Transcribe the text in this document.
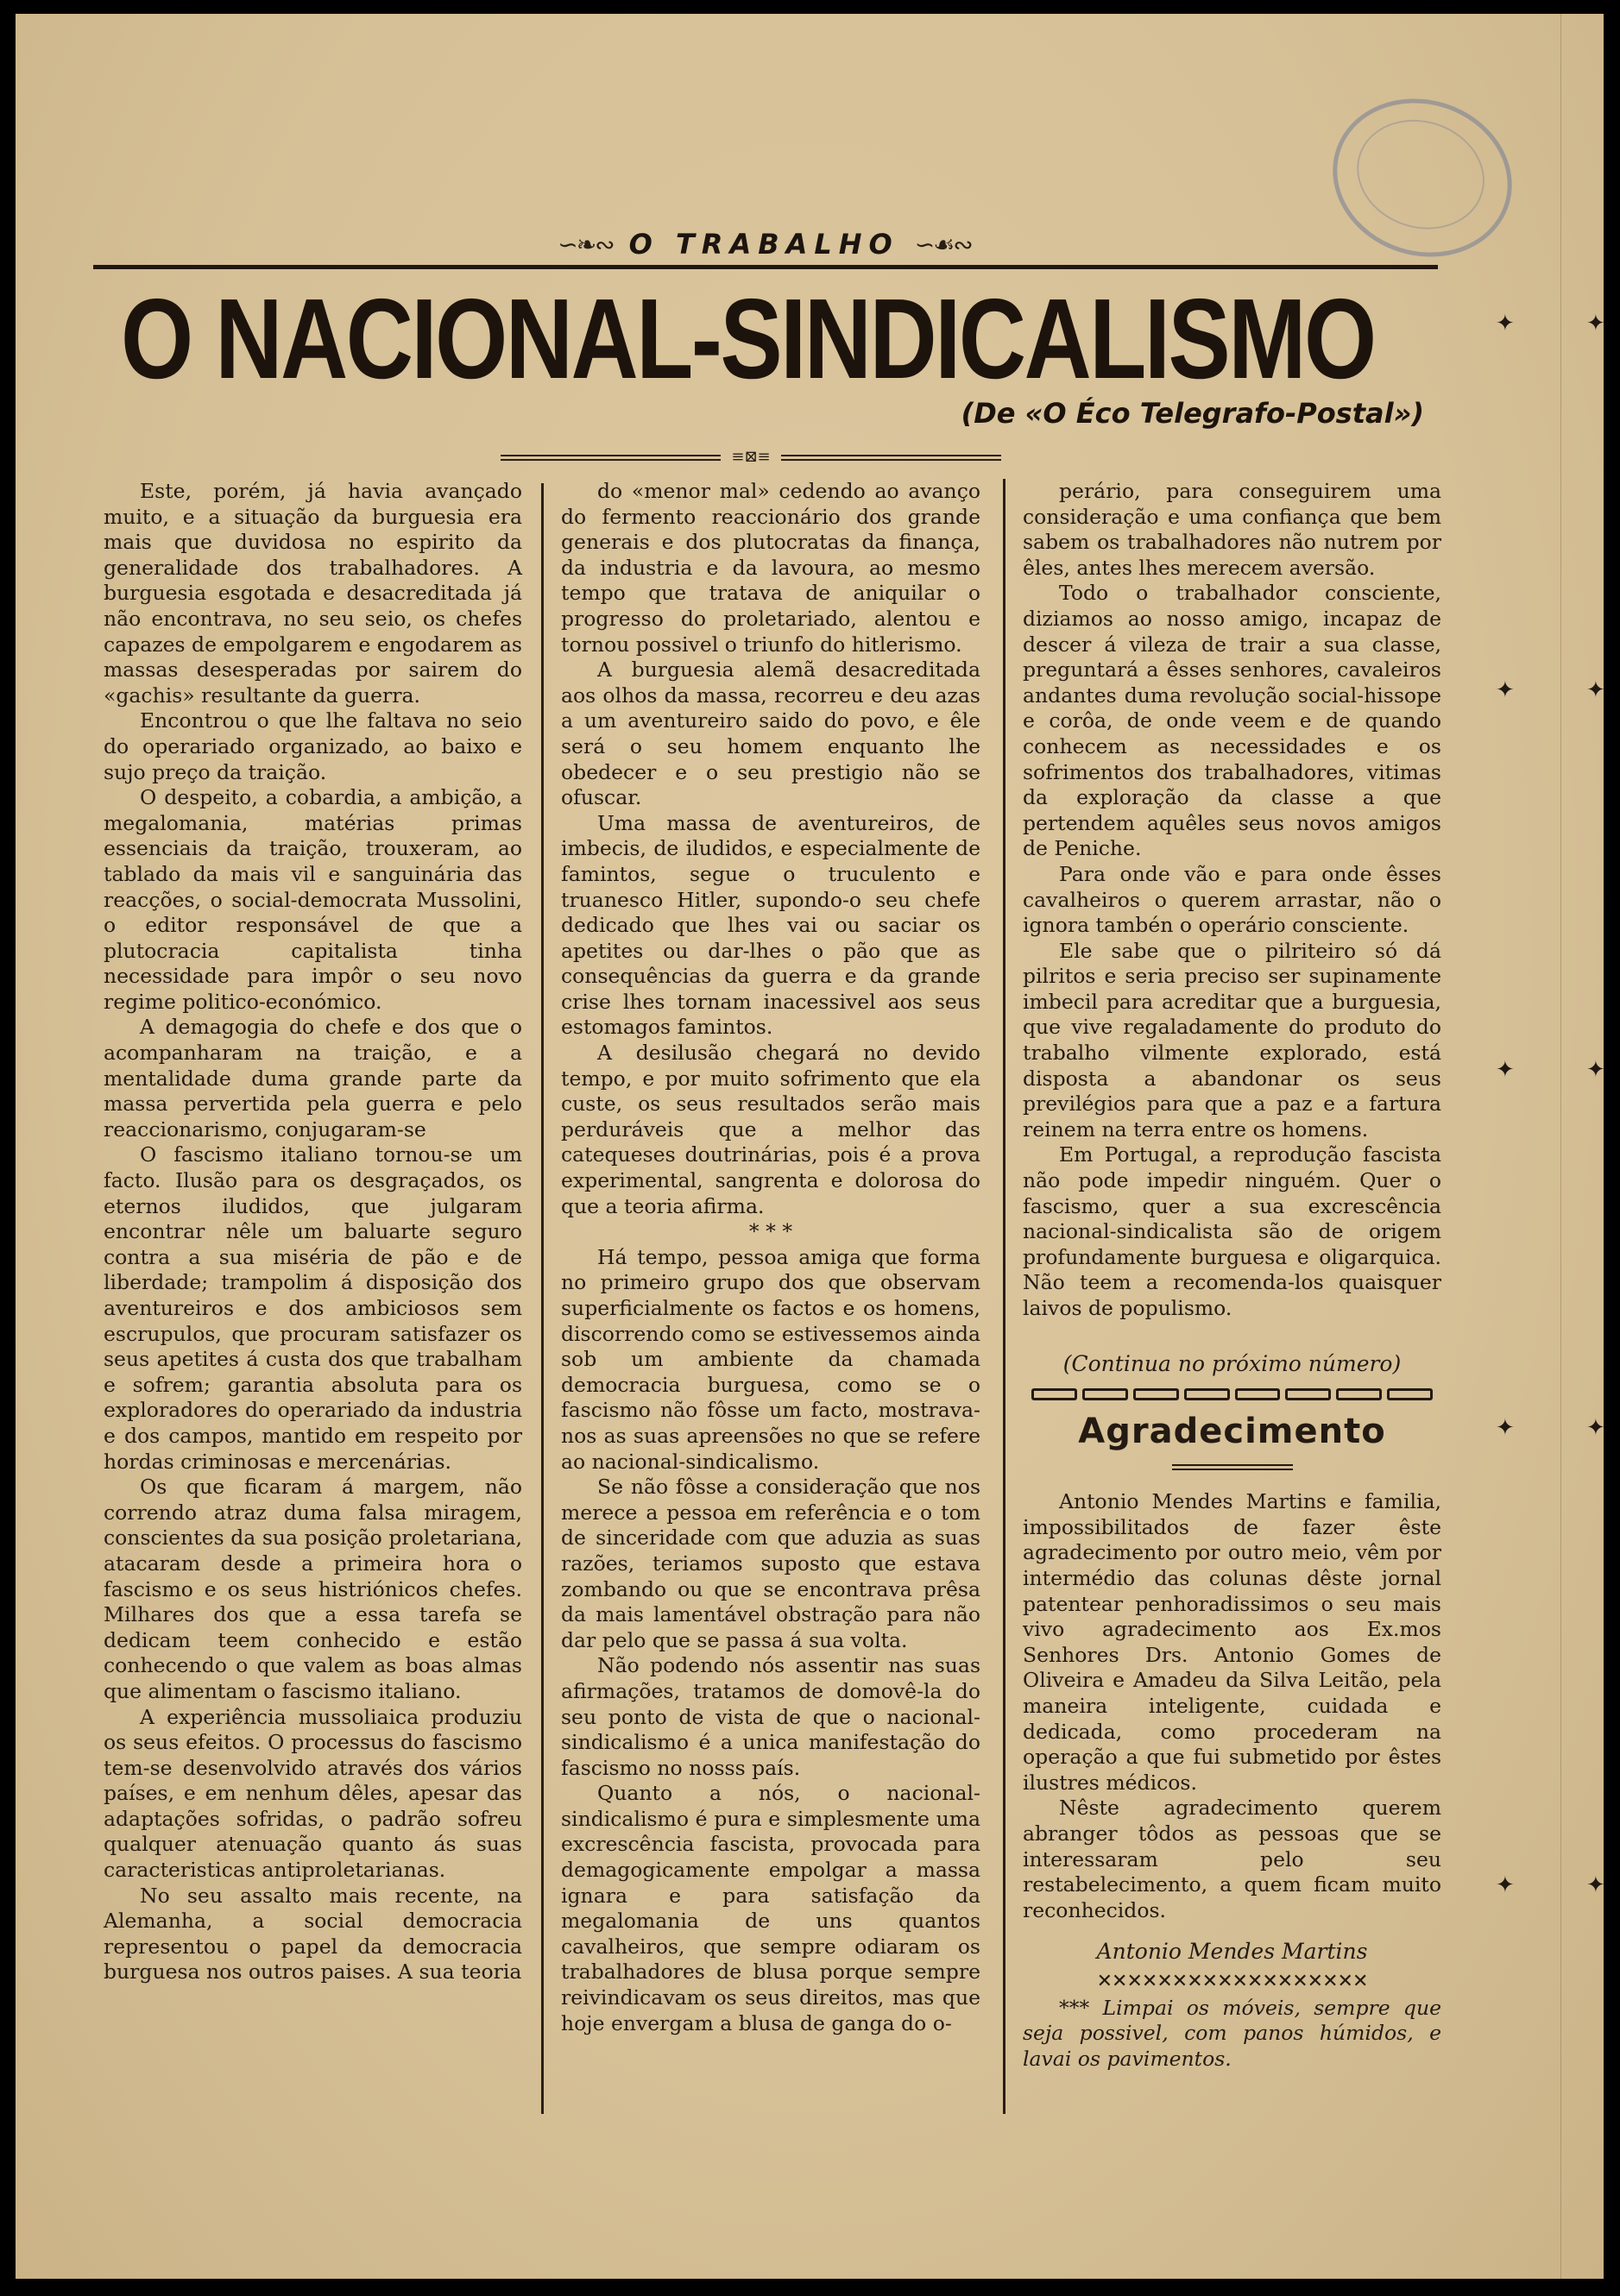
✦	✦
✦	✦
✦	✦
✦	✦
✦	✦
∽❧∾ O TRABALHO ∽☙∾
O NACIONAL-SINDICALISMO
(De «O Éco Telegrafo-Postal»)
≡⊠≡

Este, porém, já havia avançado muito, e a situação da burguesia era mais que duvidosa no espirito da generalidade dos trabalhadores. A burguesia esgotada e desacreditada já não encontrava, no seu seio, os chefes capazes de empolgarem e engodarem as massas desesperadas por sairem do «gachis» resultante da guerra.

Encontrou o que lhe faltava no seio do operariado organizado, ao baixo e sujo preço da traição.

O despeito, a cobardia, a ambição, a megalomania, matérias primas essenciais da traição, trouxeram, ao tablado da mais vil e sanguinária das reacções, o social-democrata Mussolini, o editor responsável de que a plutocracia capitalista tinha necessidade para impôr o seu novo regime politico-económico.

A demagogia do chefe e dos que o acompanharam na traição, e a mentalidade duma grande parte da massa pervertida pela guerra e pelo reaccionarismo, conjugaram-se

O fascismo italiano tornou-se um facto. Ilusão para os desgraçados, os eternos iludidos, que julgaram encontrar nêle um baluarte seguro contra a sua miséria de pão e de liberdade; trampolim á disposição dos aventureiros e dos ambiciosos sem escrupulos, que procuram satisfazer os seus apetites á custa dos que trabalham e sofrem; garantia absoluta para os exploradores do operariado da industria e dos campos, mantido em respeito por hordas criminosas e mercenárias.

Os que ficaram á margem, não correndo atraz duma falsa miragem, conscientes da sua posição proletariana, atacaram desde a primeira hora o fascismo e os seus histriónicos chefes. Milhares dos que a essa tarefa se dedicam teem conhecido e estão conhecendo o que valem as boas almas que alimentam o fascismo italiano.

A experiência mussoliaica produziu os seus efeitos. O processus do fascismo tem-se desenvolvido através dos vários países, e em nenhum dêles, apesar das adaptações sofridas, o padrão sofreu qualquer atenuação quanto ás suas caracteristicas antiproletarianas.

No seu assalto mais recente, na Alemanha, a social democracia representou o papel da democracia burguesa nos outros paises. A sua teoria

do «menor mal» cedendo ao avanço do fermento reaccionário dos grande generais e dos plutocratas da finança, da industria e da lavoura, ao mesmo tempo que tratava de aniquilar o progresso do proletariado, alentou e tornou possivel o triunfo do hitlerismo.

A burguesia alemã desacreditada aos olhos da massa, recorreu e deu azas a um aventureiro saido do povo, e êle será o seu homem enquanto lhe obedecer e o seu prestigio não se ofuscar.

Uma massa de aventureiros, de imbecis, de iludidos, e especialmente de famintos, segue o truculento e truanesco Hitler, supondo-o seu chefe dedicado que lhes vai ou saciar os apetites ou dar-lhes o pão que as consequências da guerra e da grande crise lhes tornam inacessivel aos seus estomagos famintos.

A desilusão chegará no devido tempo, e por muito sofrimento que ela custe, os seus resultados serão mais perduráveis que a melhor das catequeses doutrinárias, pois é a prova experimental, sangrenta e dolorosa do que a teoria afirma.

* * *

Há tempo, pessoa amiga que forma no primeiro grupo dos que observam superficialmente os factos e os homens, discorrendo como se estivessemos ainda sob um ambiente da chamada democracia burguesa, como se o fascismo não fôsse um facto, mostrava-nos as suas apreensões no que se refere ao nacional-sindicalismo.

Se não fôsse a consideração que nos merece a pessoa em referência e o tom de sinceridade com que aduzia as suas razões, teriamos suposto que estava zombando ou que se encontrava prêsa da mais lamentável obstração para não dar pelo que se passa á sua volta.

Não podendo nós assentir nas suas afirmações, tratamos de domovê-la do seu ponto de vista de que o nacional-sindicalismo é a unica manifestação do fascismo no nosss país.

Quanto a nós, o nacional-sindicalismo é pura e simplesmente uma excrescência fascista, provocada para demagogicamente empolgar a massa ignara e para satisfação da megalomania de uns quantos cavalheiros, que sempre odiaram os trabalhadores de blusa porque sempre reivindicavam os seus direitos, mas que hoje envergam a blusa de ganga do o-

perário, para conseguirem uma consideração e uma confiança que bem sabem os trabalhadores não nutrem por êles, antes lhes merecem aversão.

Todo o trabalhador consciente, diziamos ao nosso amigo, incapaz de descer á vileza de trair a sua classe, preguntará a êsses senhores, cavaleiros andantes duma revolução social-hissope e corôa, de onde veem e de quando conhecem as necessidades e os sofrimentos dos trabalhadores, vitimas da exploração da classe a que pertendem aquêles seus novos amigos de Peniche.

Para onde vão e para onde êsses cavalheiros o querem arrastar, não o ignora tambén o operário consciente.

Ele sabe que o pilriteiro só dá pilritos e seria preciso ser supinamente imbecil para acreditar que a burguesia, que vive regaladamente do produto do trabalho vilmente explorado, está disposta a abandonar os seus previlégios para que a paz e a fartura reinem na terra entre os homens.

Em Portugal, a reprodução fascista não pode impedir ninguém. Quer o fascismo, quer a sua excrescência nacional-sindicalista são de origem profundamente burguesa e oligarquica. Não teem a recomenda-los quaisquer laivos de populismo.

(Continua no próximo número)

Agradecimento

Antonio Mendes Martins e familia, impossibilitados de fazer êste agradecimento por outro meio, vêm por intermédio das colunas dêste jornal patentear penhoradissimos o seu mais vivo agradecimento aos Ex.mos Senhores Drs. Antonio Gomes de Oliveira e Amadeu da Silva Leitão, pela maneira inteligente, cuidada e dedicada, como procederam na operação a que fui submetido por êstes ilustres médicos.

Nêste agradecimento querem abranger tôdos as pessoas que se interessaram pelo seu restabelecimento, a quem ficam muito reconhecidos.

Antonio Mendes Martins

✕✕✕✕✕✕✕✕✕✕✕✕✕✕✕✕✕✕

*** Limpai os móveis, sempre que seja possivel, com panos húmidos, e lavai os pavimentos.
